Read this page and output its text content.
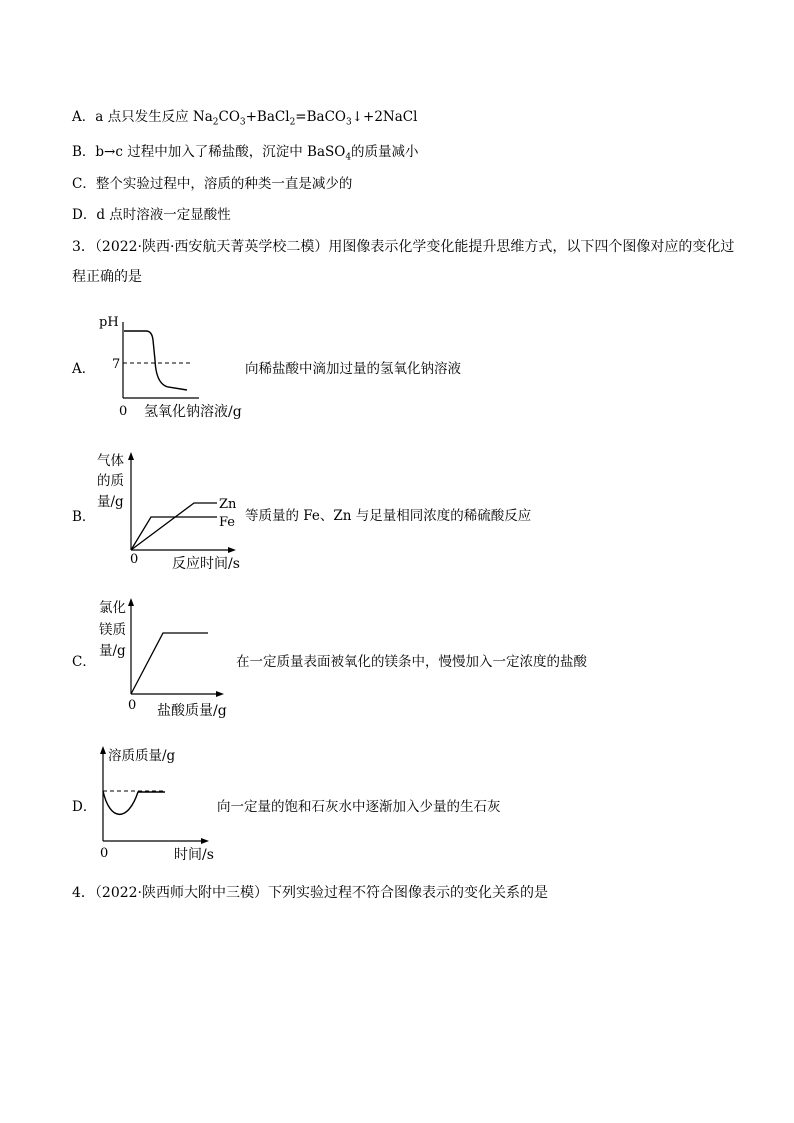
A．a 点只发生反应 $Na_2CO_3+BaCl_2=BaCO_3↓+2NaCl$
B．b→c 过程中加入了稀盐酸，沉淀中 BaSO$_4$的质量减小
C．整个实验过程中，溶质的种类一直是减少的
D．d 点时溶液一定显酸性
3．（2022·陕西·西安航天菁英学校二模）用图像表示化学变化能提升思维方式，以下四个图像对应的变化过
程正确的是
A．
pH
7
0 氢氧化钠溶液/g
向稀盐酸中滴加过量的氢氧化钠溶液
B．
气体
的质
量/g	Zn
Fe
0 反应时间/s
等质量的 Fe、Zn 与足量相同浓度的稀硫酸反应
C．
氯化
镁质
量/g
0 盐酸质量/g
在一定质量表面被氧化的镁条中，慢慢加入一定浓度的盐酸
D．
溶质质量/g
0	时间/s
向一定量的饱和石灰水中逐渐加入少量的生石灰
4．（2022·陕西师大附中三模）下列实验过程不符合图像表示的变化关系的是
